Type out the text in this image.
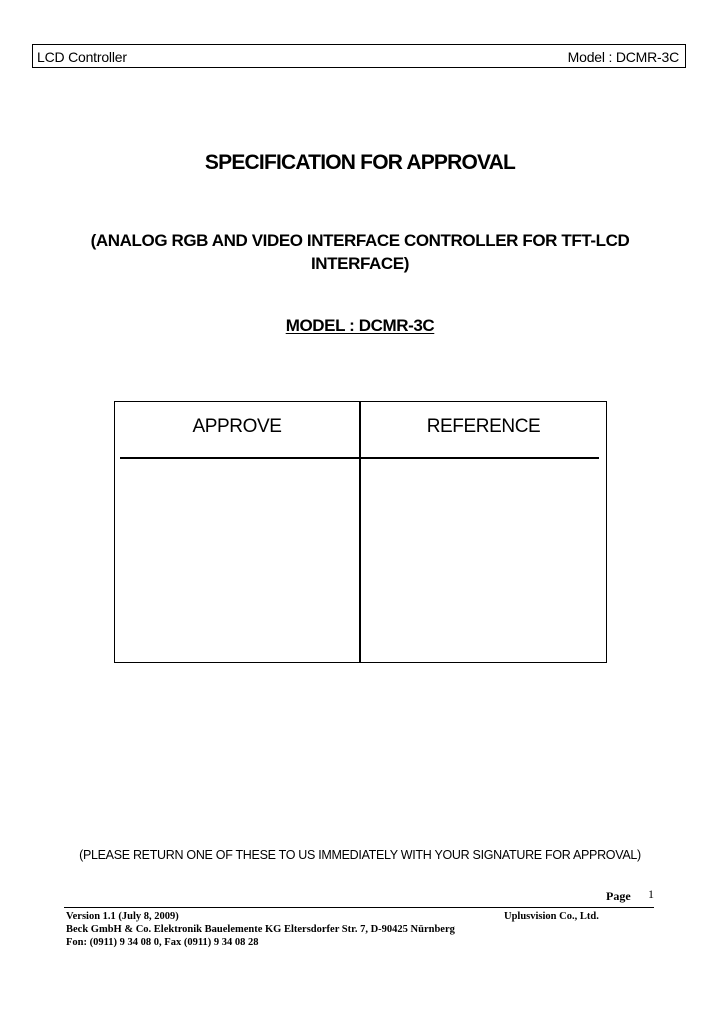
LCD Controller	Model : DCMR-3C
SPECIFICATION FOR APPROVAL
(ANALOG RGB AND VIDEO INTERFACE CONTROLLER FOR TFT-LCD INTERFACE)
MODEL : DCMR-3C
APPROVE	REFERENCE
(PLEASE RETURN ONE OF THESE TO US IMMEDIATELY WITH YOUR SIGNATURE FOR APPROVAL)
Page 1
Version 1.1 (July 8, 2009)	Uplusvision Co., Ltd.
Beck GmbH & Co. Elektronik Bauelemente KG Eltersdorfer Str. 7, D-90425 Nürnberg
Fon: (0911) 9 34 08 0, Fax (0911) 9 34 08 28
